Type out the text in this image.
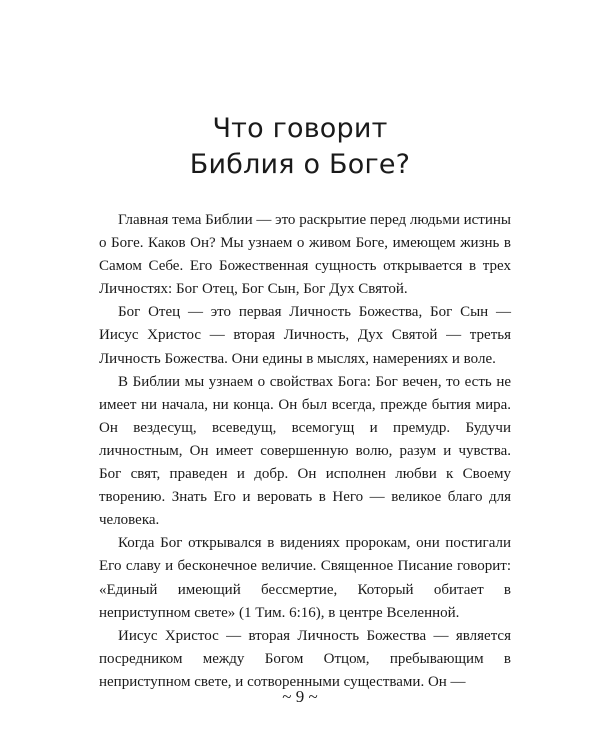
Что говорит
Библия о Боге?

Главная тема Библии — это раскрытие перед людьми истины о Боге. Каков Он? Мы узнаем о живом Боге, имеющем жизнь в Самом Себе. Его Божественная сущность открывается в трех Личностях: Бог Отец, Бог Сын, Бог Дух Святой.

Бог Отец — это первая Личность Божества, Бог Сын — Иисус Христос — вторая Личность, Дух Святой — третья Личность Божества. Они едины в мыслях, намерениях и воле.

В Библии мы узнаем о свойствах Бога: Бог вечен, то есть не имеет ни начала, ни конца. Он был всегда, прежде бытия мира. Он вездесущ, всеведущ, всемогущ и премудр. Будучи личностным, Он имеет совершенную волю, разум и чувства. Бог свят, праведен и добр. Он исполнен любви к Своему творению. Знать Его и веровать в Него — великое благо для человека.

Когда Бог открывался в видениях пророкам, они постигали Его славу и бесконечное величие. Священное Писание говорит: «Единый имеющий бессмертие, Который обитает в неприступном свете» (1 Тим. 6:16), в центре Вселенной.

Иисус Христос — вторая Личность Божества — является посредником между Богом Отцом, пребывающим в неприступном свете, и сотворенными существами. Он —

~ 9 ~
